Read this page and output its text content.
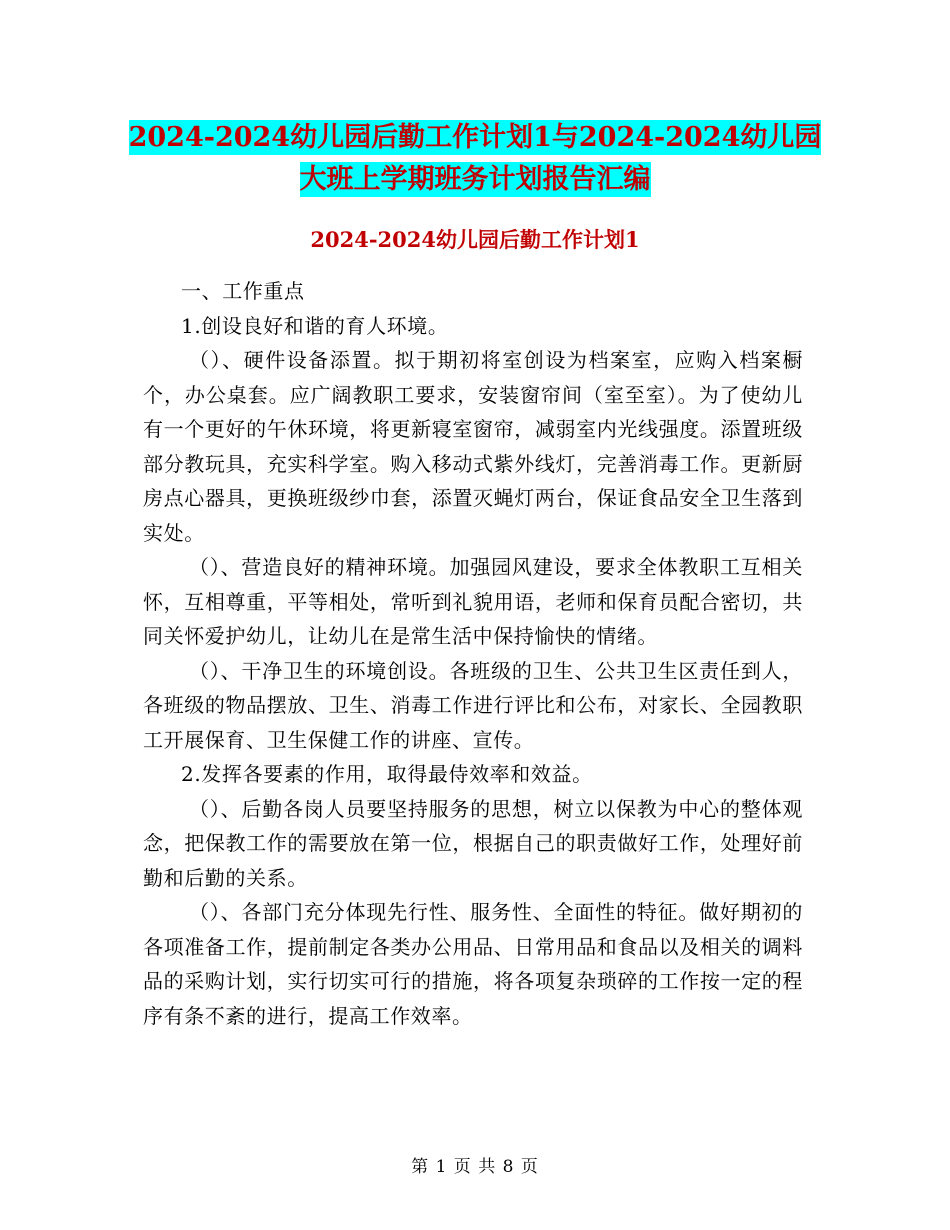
2024-2024幼儿园后勤工作计划1与2024-2024幼儿园
大班上学期班务计划报告汇编
2024-2024幼儿园后勤工作计划1

一、工作重点

1.创设良好和谐的育人环境。

（）、硬件设备添置。拟于期初将室创设为档案室，应购入档案橱个，办公桌套。应广阔教职工要求，安装窗帘间（室至室）。为了使幼儿有一个更好的午休环境，将更新寝室窗帘，减弱室内光线强度。添置班级部分教玩具，充实科学室。购入移动式紫外线灯，完善消毒工作。更新厨房点心器具，更换班级纱巾套，添置灭蝇灯两台，保证食品安全卫生落到实处。

（）、营造良好的精神环境。加强园风建设，要求全体教职工互相关怀，互相尊重，平等相处，常听到礼貌用语，老师和保育员配合密切，共同关怀爱护幼儿，让幼儿在是常生活中保持愉快的情绪。

（）、干净卫生的环境创设。各班级的卫生、公共卫生区责任到人，各班级的物品摆放、卫生、消毒工作进行评比和公布，对家长、全园教职工开展保育、卫生保健工作的讲座、宣传。

2.发挥各要素的作用，取得最侍效率和效益。

（）、后勤各岗人员要坚持服务的思想，树立以保教为中心的整体观念，把保教工作的需要放在第一位，根据自己的职责做好工作，处理好前勤和后勤的关系。

（）、各部门充分体现先行性、服务性、全面性的特征。做好期初的各项准备工作，提前制定各类办公用品、日常用品和食品以及相关的调料品的采购计划，实行切实可行的措施，将各项复杂琐碎的工作按一定的程序有条不紊的进行，提高工作效率。

第 1 页 共 8 页
